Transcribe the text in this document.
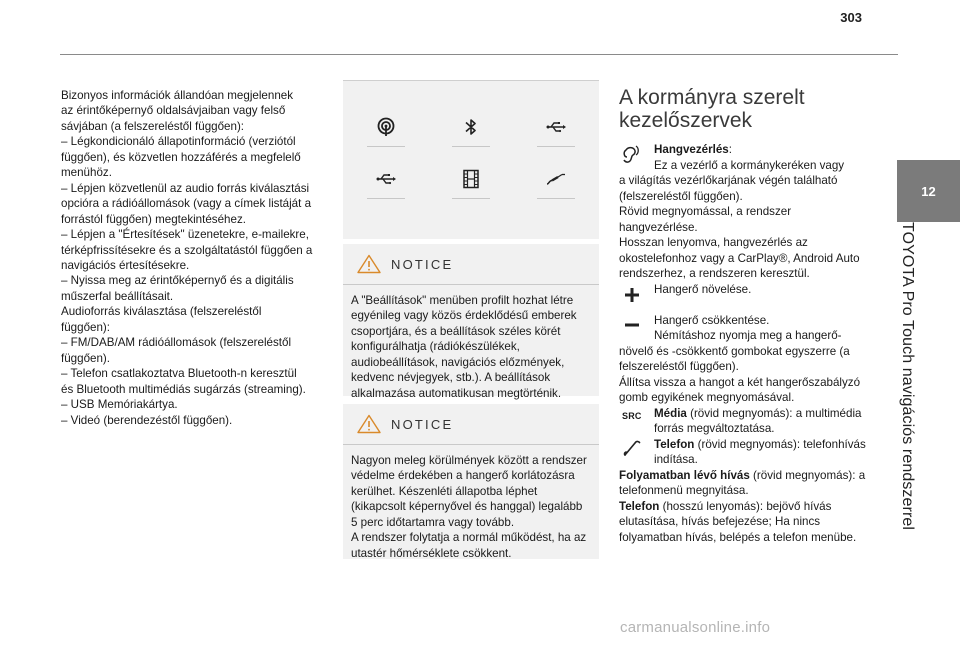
303
12
TOYOTA Pro Touch navigációs rendszerrel

Bizonyos információk állandóan megjelennek

az érintőképernyő oldalsávjaiban vagy felső

sávjában (a felszereléstől függően):

– Légkondicionáló állapotinformáció (verziótól

függően), és közvetlen hozzáférés a megfelelő

menühöz.

– Lépjen közvetlenül az audio forrás kiválasztási

opcióra a rádióállomások (vagy a címek listáját a

forrástól függően) megtekintéséhez.

– Lépjen a "Értesítések" üzenetekre, e-mailekre,

térképfrissítésekre és a szolgáltatástól függően a

navigációs értesítésekre.

– Nyissa meg az érintőképernyő és a digitális

műszerfal beállításait.

Audioforrás kiválasztása (felszereléstől

függően):

– FM/DAB/AM rádióállomások (felszereléstől

függően).

– Telefon csatlakoztatva Bluetooth-n keresztül

és Bluetooth multimédiás sugárzás (streaming).

– USB Memóriakártya.

– Videó (berendezéstől függően).

NOTICE

A "Beállítások" menüben profilt hozhat létre

egyénileg vagy közös érdeklődésű emberek

csoportjára, és a beállítások széles körét

konfigurálhatja (rádiókészülékek,

audiobeállítások, navigációs előzmények,

kedvenc névjegyek, stb.). A beállítások

alkalmazása automatikusan megtörténik.

NOTICE

Nagyon meleg körülmények között a rendszer

védelme érdekében a hangerő korlátozásra

kerülhet. Készenléti állapotba léphet

(kikapcsolt képernyővel és hanggal) legalább

5 perc időtartamra vagy tovább.

A rendszer folytatja a normál működést, ha az

utastér hőmérséklete csökkent.

A kormányra szerelt
kezelőszervek
Hangvezérlés:
Ez a vezérlő a kormánykeréken vagy
a világítás vezérlőkarjának végén található
(felszereléstől függően).
Rövid megnyomással, a rendszer
hangvezérlése.
Hosszan lenyomva, hangvezérlés az
okostelefonhoz vagy a CarPlay®, Android Auto
rendszerhez, a rendszeren keresztül.
Hangerő növelése.
Hangerő csökkentése.
Némításhoz nyomja meg a hangerő-
növelő és -csökkentő gombokat egyszerre (a
felszereléstől függően).
Állítsa vissza a hangot a két hangerőszabályzó
gomb egyikének megnyomásával.
SRC Média (rövid megnyomás): a multimédia
forrás megváltoztatása.
Telefon (rövid megnyomás): telefonhívás
indítása.
Folyamatban lévő hívás (rövid megnyomás): a
telefonmenü megnyitása.
Telefon (hosszú lenyomás): bejövő hívás
elutasítása, hívás befejezése; Ha nincs
folyamatban hívás, belépés a telefon menübe.
carmanualsonline.info
